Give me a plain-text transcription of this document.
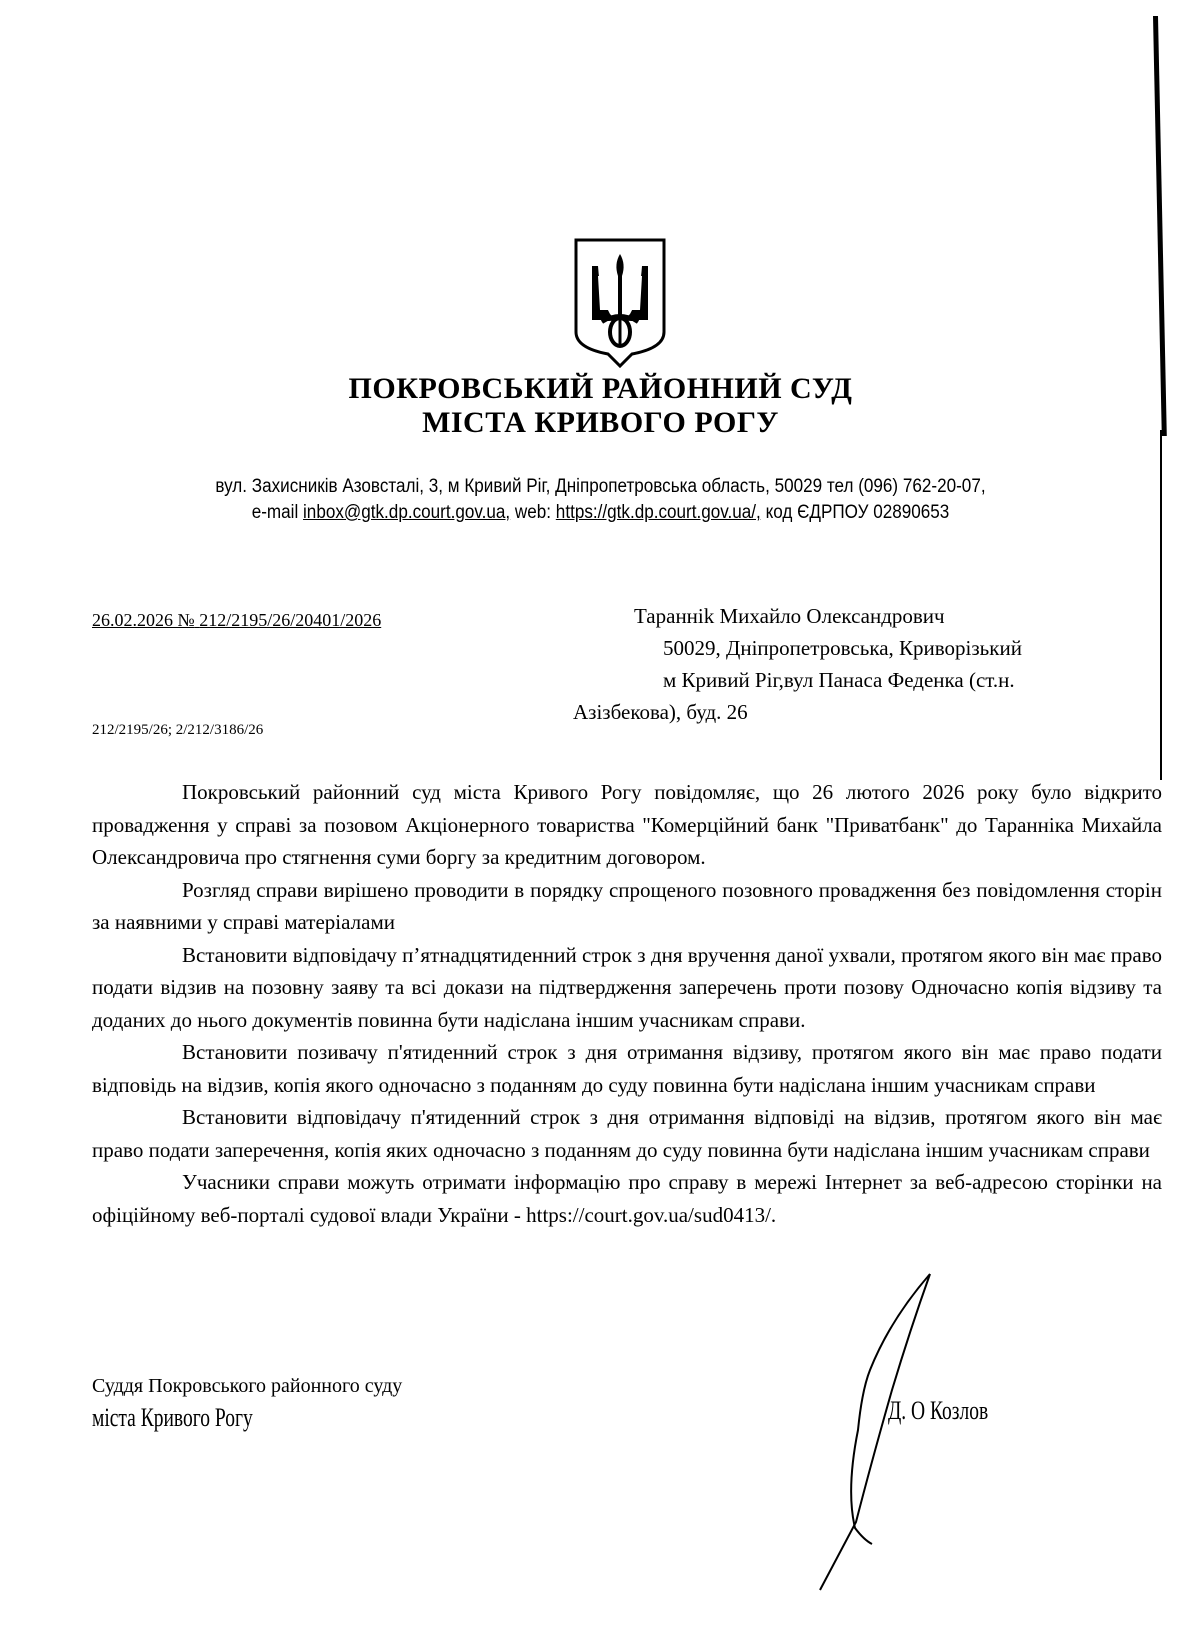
ПОКРОВСЬКИЙ РАЙОННИЙ СУД
МІСТА КРИВОГО РОГУ
вул. Захисників Азовсталі, 3, м Кривий Ріг, Дніпропетровська область, 50029 тел (096) 762-20-07,
e-mail inbox@gtk.dp.court.gov.ua, web: https://gtk.dp.court.gov.ua/, код ЄДРПОУ 02890653
26.02.2026 № 212/2195/26/20401/2026
212/2195/26; 2/212/3186/26
Таранніk Михайло Олександрович
50029, Дніпропетровська, Криворізький
м Кривий Ріг,вул Панаса Феденка (ст.н.
Азізбекова), буд. 26

Покровський районний суд міста Кривого Рогу повідомляє, що 26 лютого 2026 року було відкрито провадження у справі за позовом Акціонерного товариства "Комерційний банк "Приватбанк" до Таранніка Михайла Олександровича про стягнення суми боргу за кредитним договором.

Розгляд справи вирішено проводити в порядку спрощеного позовного провадження без повідомлення сторін за наявними у справі матеріалами

Встановити відповідачу п’ятнадцятиденний строк з дня вручення даної ухвали, протягом якого він має право подати відзив на позовну заяву та всі докази на підтвердження заперечень проти позову Одночасно копія відзиву та доданих до нього документів повинна бути надіслана іншим учасникам справи.

Встановити позивачу п'ятиденний строк з дня отримання відзиву, протягом якого він має право подати відповідь на відзив, копія якого одночасно з поданням до суду повинна бути надіслана іншим учасникам справи

Встановити відповідачу п'ятиденний строк з дня отримання відповіді на відзив, протягом якого він має право подати заперечення, копія яких одночасно з поданням до суду повинна бути надіслана іншим учасникам справи

Учасники справи можуть отримати інформацію про справу в мережі Інтернет за веб-адресою сторінки на офіційному веб-порталі судової влади України - https://court.gov.ua/sud0413/.

Суддя Покровського районного суду
міста Кривого Рогу	Д. О Козлов
